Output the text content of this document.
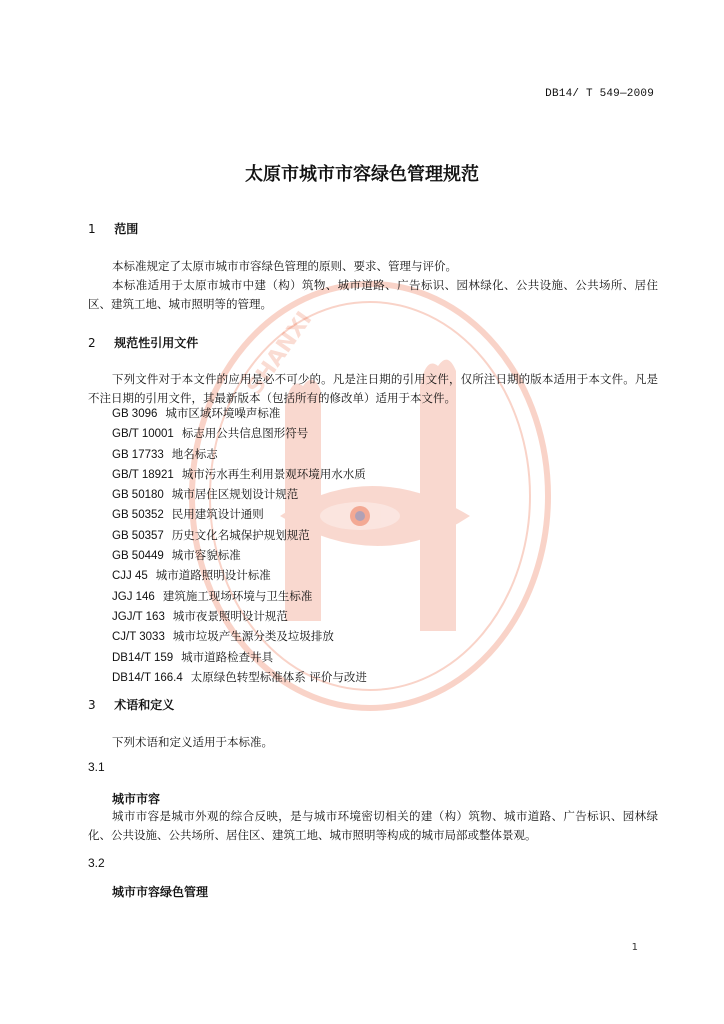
SHANXI
DB14/ T 549—2009
太原市城市市容绿色管理规范
1 范围

本标准规定了太原市城市市容绿色管理的原则、要求、管理与评价。

本标准适用于太原市城市中建（构）筑物、城市道路、广告标识、园林绿化、公共设施、公共场所、居住区、建筑工地、城市照明等的管理。

2 规范性引用文件

下列文件对于本文件的应用是必不可少的。凡是注日期的引用文件，仅所注日期的版本适用于本文件。凡是不注日期的引用文件，其最新版本（包括所有的修改单）适用于本文件。

GB 3096 城市区域环境噪声标准
GB/T 10001 标志用公共信息图形符号
GB 17733 地名标志
GB/T 18921 城市污水再生利用景观环境用水水质
GB 50180 城市居住区规划设计规范
GB 50352 民用建筑设计通则
GB 50357 历史文化名城保护规划规范
GB 50449 城市容貌标准
CJJ 45 城市道路照明设计标准
JGJ 146 建筑施工现场环境与卫生标准
JGJ/T 163 城市夜景照明设计规范
CJ/T 3033 城市垃圾产生源分类及垃圾排放
DB14/T 159 城市道路检查井具
DB14/T 166.4 太原绿色转型标准体系 评价与改进
3 术语和定义

下列术语和定义适用于本标准。

3.1
城市市容

城市市容是城市外观的综合反映，是与城市环境密切相关的建（构）筑物、城市道路、广告标识、园林绿化、公共设施、公共场所、居住区、建筑工地、城市照明等构成的城市局部或整体景观。

3.2
城市市容绿色管理
1
